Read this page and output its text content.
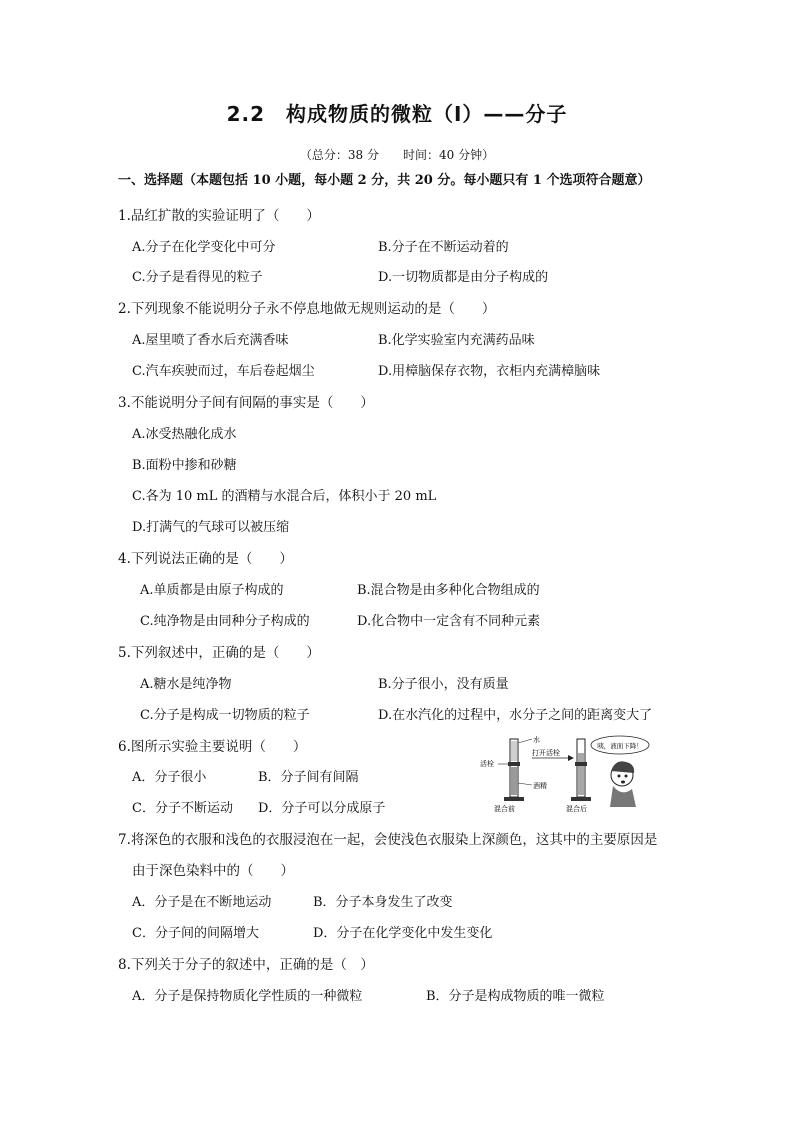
2.2　构成物质的微粒（Ⅰ）——分子
（总分：38 分　　时间：40 分钟）
一、选择题（本题包括 10 小题，每小题 2 分，共 20 分。每小题只有 1 个选项符合题意）
1.品红扩散的实验证明了（　　）
A.分子在化学变化中可分	B.分子在不断运动着的
C.分子是看得见的粒子	D.一切物质都是由分子构成的
2.下列现象不能说明分子永不停息地做无规则运动的是（　　）
A.屋里喷了香水后充满香味	B.化学实验室内充满药品味
C.汽车疾驶而过，车后卷起烟尘	D.用樟脑保存衣物，衣柜内充满樟脑味
3.不能说明分子间有间隔的事实是（　　）
A.冰受热融化成水
B.面粉中掺和砂糖
C.各为 10 mL 的酒精与水混合后，体积小于 20 mL
D.打满气的气球可以被压缩
4.下列说法正确的是（　　）
A.单质都是由原子构成的	B.混合物是由多种化合物组成的
C.纯净物是由同种分子构成的	D.化合物中一定含有不同种元素
5.下列叙述中，正确的是（　　）
A.糖水是纯净物	B.分子很小，没有质量
C.分子是构成一切物质的粒子	D.在水汽化的过程中，水分子之间的距离变大了
6.图所示实验主要说明（　　）
A．分子很小	B．分子间有间隔
C．分子不断运动 D．分子可以分成原子
水
活栓
酒精
打开活栓
混合前	混合后
咦，液面下降！
7.将深色的衣服和浅色的衣服浸泡在一起，会使浅色衣服染上深颜色，这其中的主要原因是
由于深色染料中的（　　）
A．分子是在不断地运动	B．分子本身发生了改变
C．分子间的间隔增大	D．分子在化学变化中发生变化
8.下列关于分子的叙述中，正确的是（　）
A．分子是保持物质化学性质的一种微粒	B．分子是构成物质的唯一微粒
